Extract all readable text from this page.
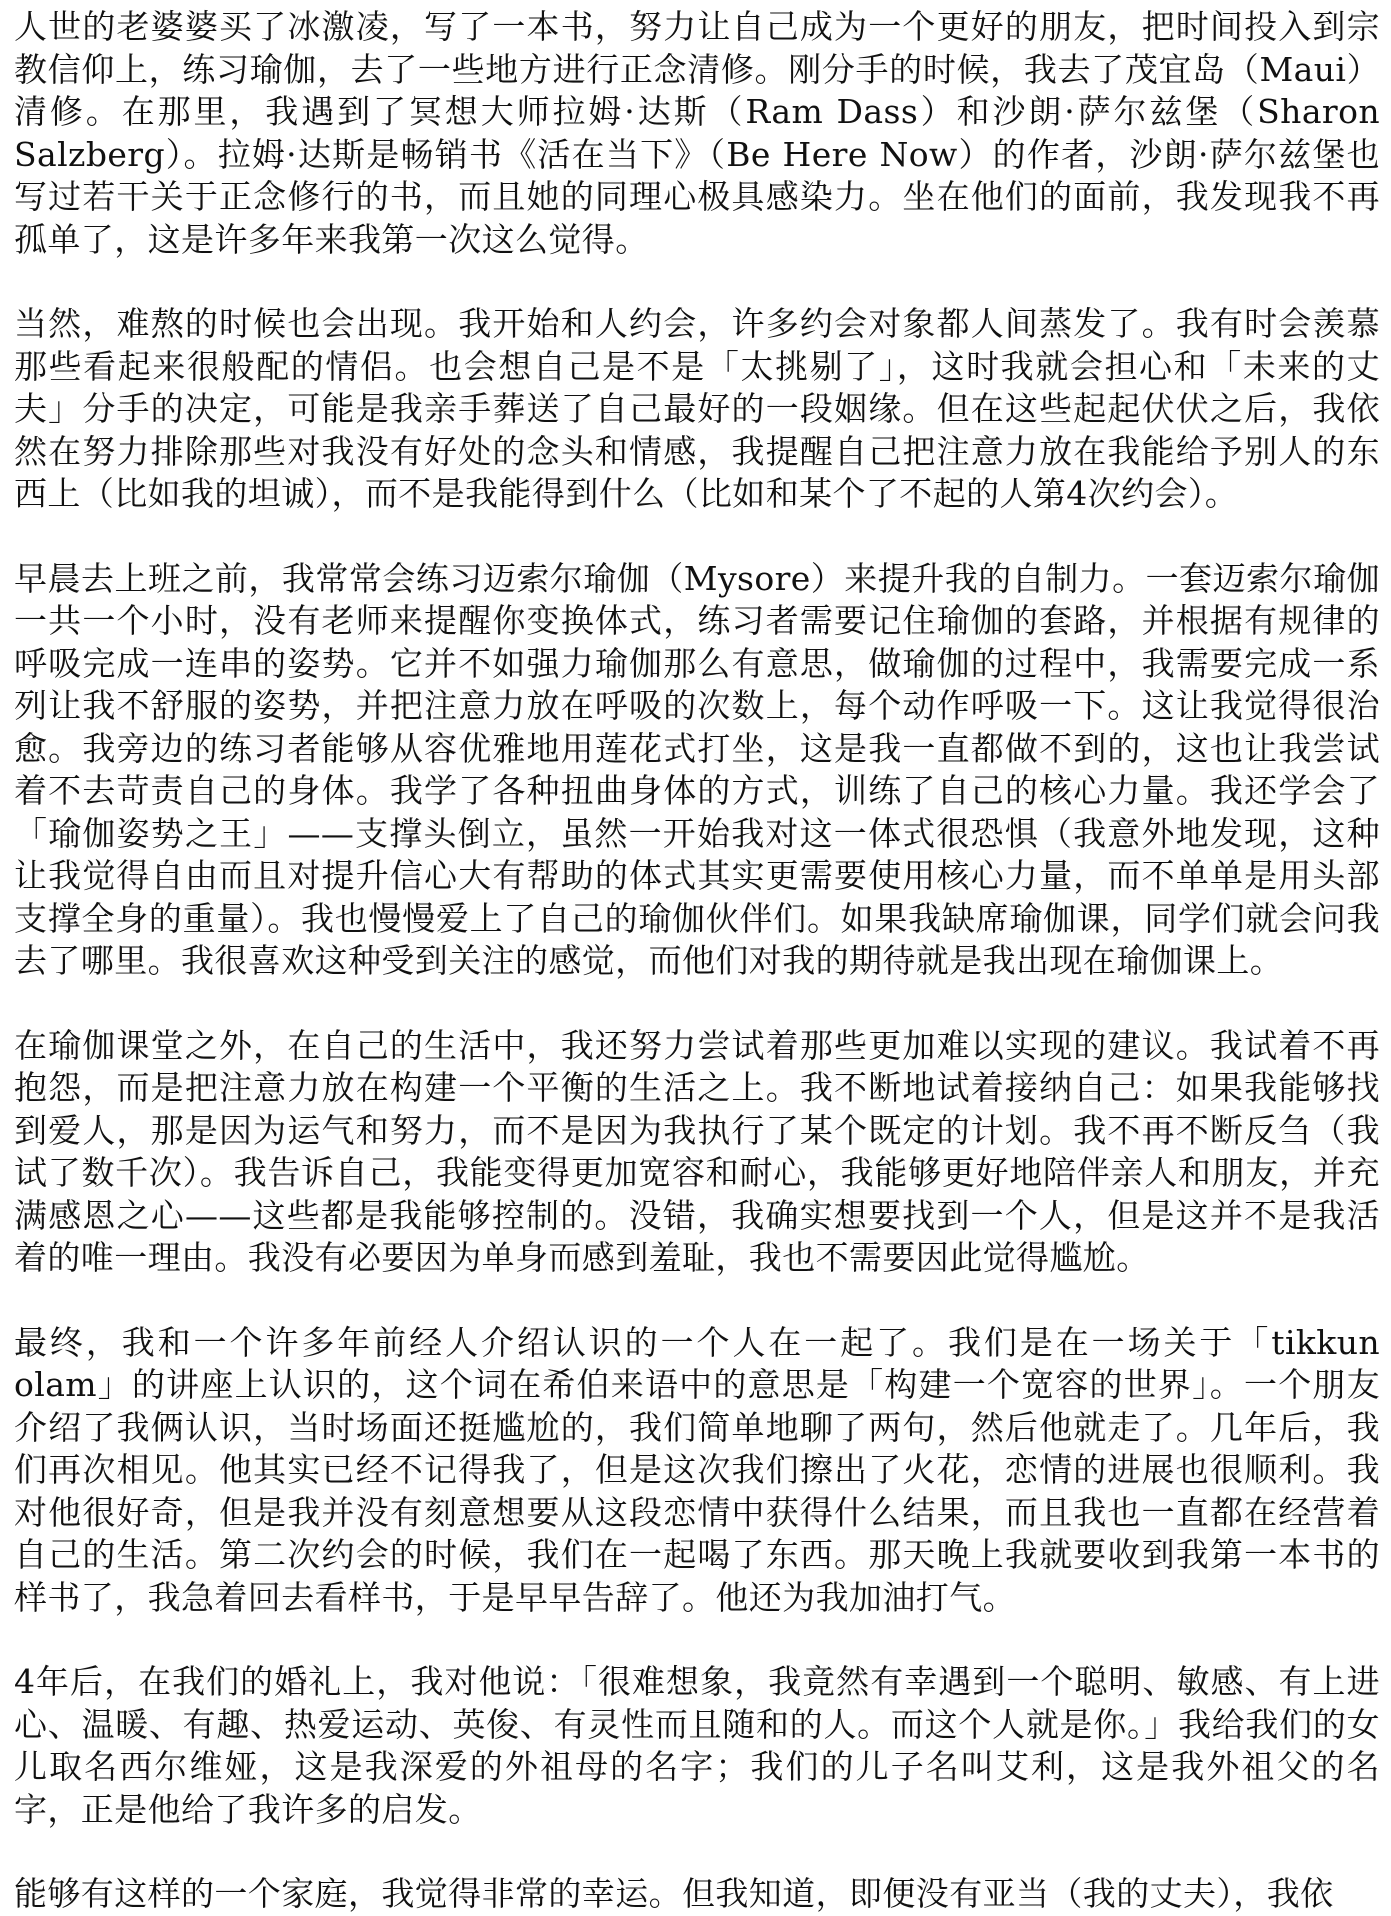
人世的老婆婆买了冰激凌，写了一本书，努力让自己成为一个更好的朋友，把时间投入到宗教信仰上，练习瑜伽，去了一些地方进行正念清修。刚分手的时候，我去了茂宜岛（Maui）清修。在那里，我遇到了冥想大师拉姆·达斯（Ram Dass）和沙朗·萨尔兹堡（Sharon Salzberg）。拉姆·达斯是畅销书《活在当下》（Be Here Now）的作者，沙朗·萨尔兹堡也写过若干关于正念修行的书，而且她的同理心极具感染力。坐在他们的面前，我发现我不再孤单了，这是许多年来我第一次这么觉得。

当然，难熬的时候也会出现。我开始和人约会，许多约会对象都人间蒸发了。我有时会羡慕那些看起来很般配的情侣。也会想自己是不是「太挑剔了」，这时我就会担心和「未来的丈夫」分手的决定，可能是我亲手葬送了自己最好的一段姻缘。但在这些起起伏伏之后，我依然在努力排除那些对我没有好处的念头和情感，我提醒自己把注意力放在我能给予别人的东西上（比如我的坦诚），而不是我能得到什么（比如和某个了不起的人第4次约会）。

早晨去上班之前，我常常会练习迈索尔瑜伽（Mysore）来提升我的自制力。一套迈索尔瑜伽一共一个小时，没有老师来提醒你变换体式，练习者需要记住瑜伽的套路，并根据有规律的呼吸完成一连串的姿势。它并不如强力瑜伽那么有意思，做瑜伽的过程中，我需要完成一系列让我不舒服的姿势，并把注意力放在呼吸的次数上，每个动作呼吸一下。这让我觉得很治愈。我旁边的练习者能够从容优雅地用莲花式打坐，这是我一直都做不到的，这也让我尝试着不去苛责自己的身体。我学了各种扭曲身体的方式，训练了自己的核心力量。我还学会了「瑜伽姿势之王」——支撑头倒立，虽然一开始我对这一体式很恐惧（我意外地发现，这种让我觉得自由而且对提升信心大有帮助的体式其实更需要使用核心力量，而不单单是用头部支撑全身的重量）。我也慢慢爱上了自己的瑜伽伙伴们。如果我缺席瑜伽课，同学们就会问我去了哪里。我很喜欢这种受到关注的感觉，而他们对我的期待就是我出现在瑜伽课上。

在瑜伽课堂之外，在自己的生活中，我还努力尝试着那些更加难以实现的建议。我试着不再抱怨，而是把注意力放在构建一个平衡的生活之上。我不断地试着接纳自己：如果我能够找到爱人，那是因为运气和努力，而不是因为我执行了某个既定的计划。我不再不断反刍（我试了数千次）。我告诉自己，我能变得更加宽容和耐心，我能够更好地陪伴亲人和朋友，并充满感恩之心——这些都是我能够控制的。没错，我确实想要找到一个人，但是这并不是我活着的唯一理由。我没有必要因为单身而感到羞耻，我也不需要因此觉得尴尬。

最终，我和一个许多年前经人介绍认识的一个人在一起了。我们是在一场关于「tikkun olam」的讲座上认识的，这个词在希伯来语中的意思是「构建一个宽容的世界」。一个朋友介绍了我俩认识，当时场面还挺尴尬的，我们简单地聊了两句，然后他就走了。几年后，我们再次相见。他其实已经不记得我了，但是这次我们擦出了火花，恋情的进展也很顺利。我对他很好奇，但是我并没有刻意想要从这段恋情中获得什么结果，而且我也一直都在经营着自己的生活。第二次约会的时候，我们在一起喝了东西。那天晚上我就要收到我第一本书的样书了，我急着回去看样书，于是早早告辞了。他还为我加油打气。

4年后，在我们的婚礼上，我对他说：「很难想象，我竟然有幸遇到一个聪明、敏感、有上进心、温暖、有趣、热爱运动、英俊、有灵性而且随和的人。而这个人就是你。」我给我们的女儿取名西尔维娅，这是我深爱的外祖母的名字；我们的儿子名叫艾利，这是我外祖父的名字，正是他给了我许多的启发。

能够有这样的一个家庭，我觉得非常的幸运。但我知道，即便没有亚当（我的丈夫），我依
